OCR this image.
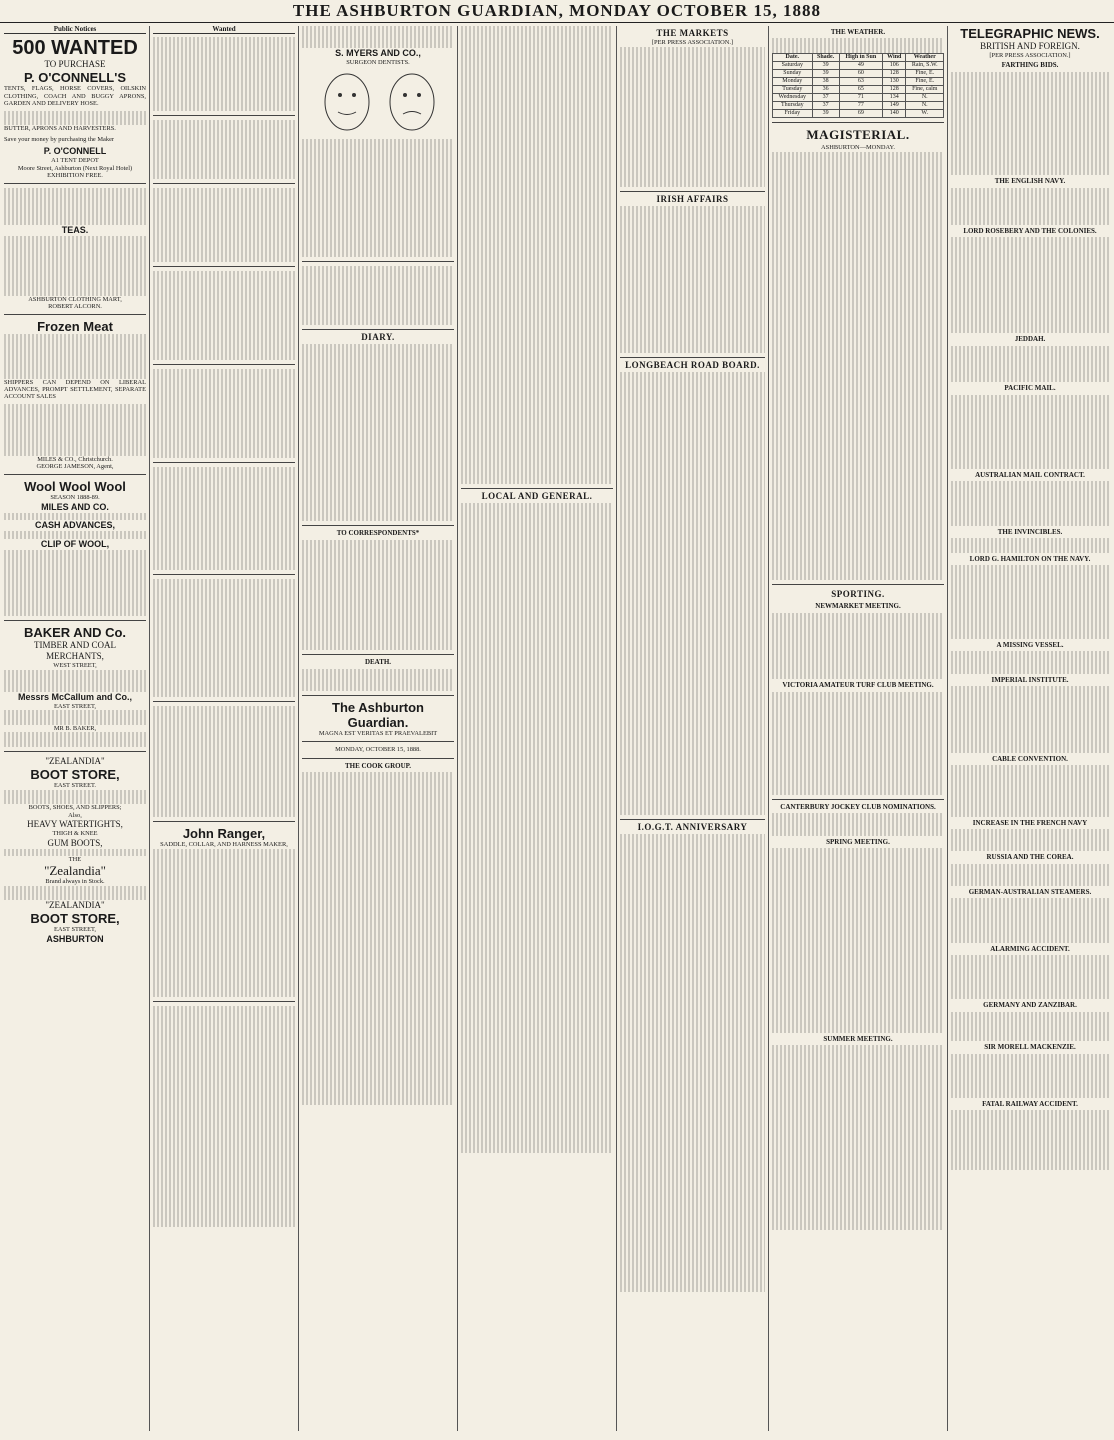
THE ASHBURTON GUARDIAN, MONDAY OCTOBER 15, 1888
Public Notices
500 WANTED
TO PURCHASE
P. O'CONNELL'S

TENTS, FLAGS, HORSE COVERS, OILSKIN CLOTHING, COACH AND BUGGY APRONS, GARDEN AND DELIVERY HOSE.

BUTTER, APRONS AND HARVESTERS.

Save your money by purchasing the Maker

P. O'CONNELL
A1 TENT DEPOT
Moore Street, Ashburton (Next Royal Hotel)
EXHIBITION FREE.
TEAS.
ASHBURTON CLOTHING MART,
ROBERT ALCORN.
Frozen Meat

SHIPPERS CAN DEPEND ON LIBERAL ADVANCES, PROMPT SETTLEMENT, SEPARATE ACCOUNT SALES

MILES & CO., Christchurch.
GEORGE JAMESON, Agent,
Wool Wool Wool
SEASON 1888-89.
MILES AND CO.
CASH ADVANCES,
CLIP OF WOOL,
BAKER AND Co.
TIMBER AND COAL
MERCHANTS,
WEST STREET,
Messrs McCallum and Co.,
EAST STREET,
MR B. BAKER,
"ZEALANDIA"
BOOT STORE,
EAST STREET.
BOOTS, SHOES, AND SLIPPERS;
Also,
HEAVY WATERTIGHTS,
THIGH & KNEE
GUM BOOTS,
THE
"Zealandia"
Brand always in Stock.
"ZEALANDIA"
BOOT STORE,
EAST STREET,
ASHBURTON
Wanted
John Ranger,
SADDLE, COLLAR, AND HARNESS MAKER,
S. MYERS AND CO.,
SURGEON DENTISTS.
DIARY.
TO CORRESPONDENTS*
DEATH.
The Ashburton Guardian.
MAGNA EST VERITAS ET PRAEVALEBIT
MONDAY, OCTOBER 15, 1888.
THE COOK GROUP.
LOCAL AND GENERAL.
THE MARKETS
[PER PRESS ASSOCIATION.]
IRISH AFFAIRS
LONGBEACH ROAD BOARD.
I.O.G.T. ANNIVERSARY
THE WEATHER.
Date.	Shade.	High in Sun	Wind	Weather
Saturday	39	49	106	Rain, S.W.
Sunday	39	60	128	Fine, E.
Monday	38	63	130	Fine, E.
Tuesday	36	65	128	Fine, calm
Wednesday	37	71	134	N.
Thursday	37	77	149	N.
Friday	39	69	140	W.
MAGISTERIAL.
ASHBURTON—MONDAY.
SPORTING.
NEWMARKET MEETING.
VICTORIA AMATEUR TURF CLUB MEETING.
CANTERBURY JOCKEY CLUB NOMINATIONS.
SPRING MEETING.
SUMMER MEETING.
TELEGRAPHIC NEWS.
BRITISH AND FOREIGN.
[PER PRESS ASSOCIATION.]
FARTHING BIDS.
THE ENGLISH NAVY.
LORD ROSEBERY AND THE COLONIES.
JEDDAH.
PACIFIC MAIL.
AUSTRALIAN MAIL CONTRACT.
THE INVINCIBLES.
LORD G. HAMILTON ON THE NAVY.
A MISSING VESSEL.
IMPERIAL INSTITUTE.
CABLE CONVENTION.
INCREASE IN THE FRENCH NAVY
RUSSIA AND THE COREA.
GERMAN-AUSTRALIAN STEAMERS.
ALARMING ACCIDENT.
GERMANY AND ZANZIBAR.
SIR MORELL MACKENZIE.
FATAL RAILWAY ACCIDENT.
